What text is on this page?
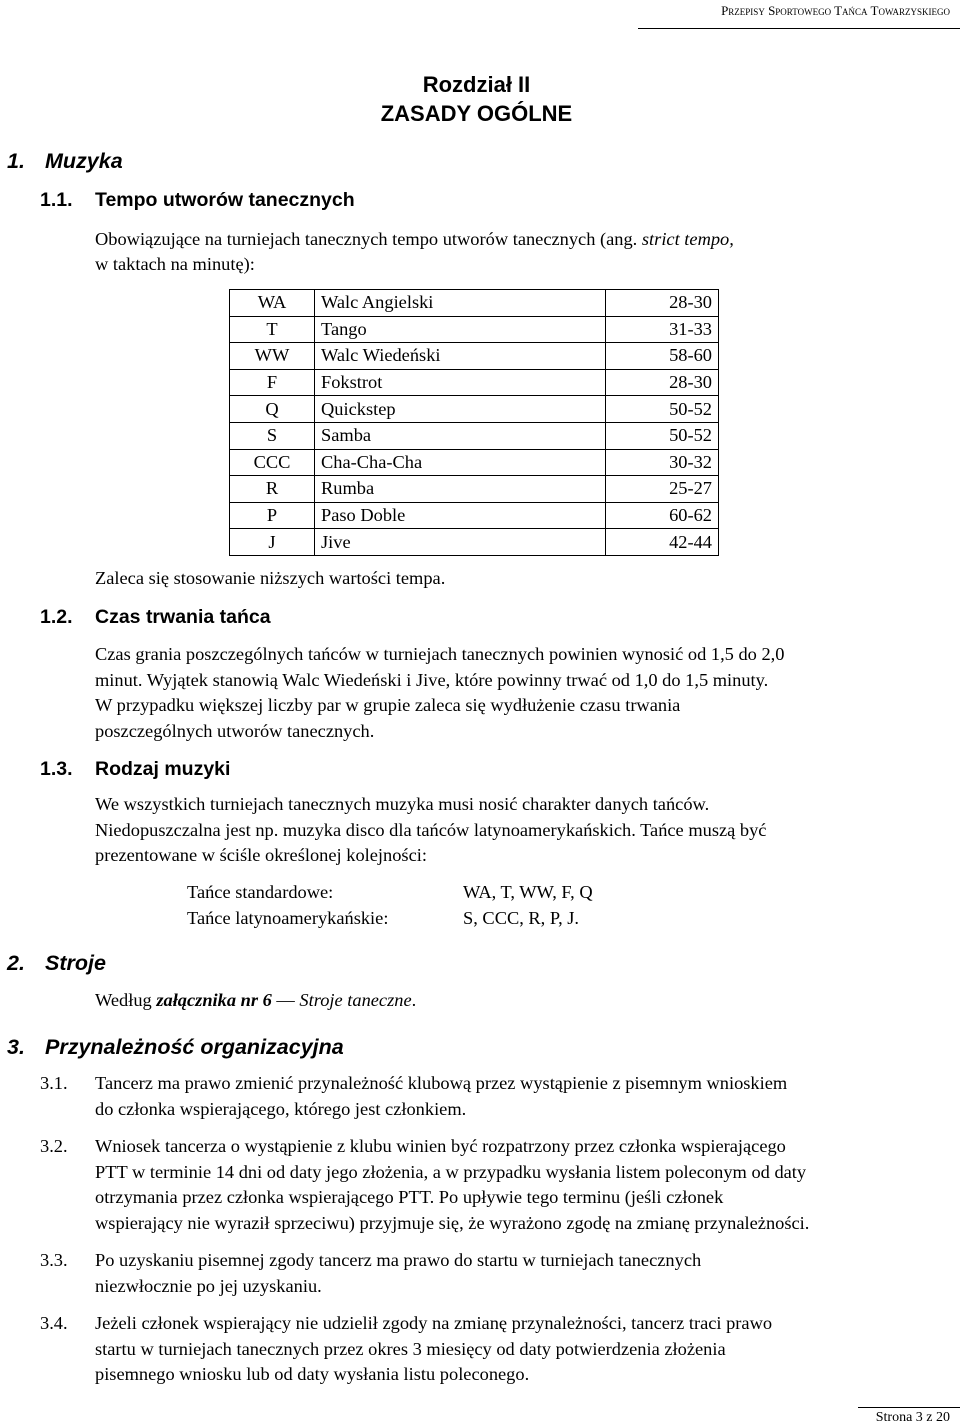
Przepisy Sportowego Tańca Towarzyskiego
Rozdział II
ZASADY OGÓLNE
1. Muzyka
1.1. Tempo utworów tanecznych
Obowiązujące na turniejach tanecznych tempo utworów tanecznych (ang. strict tempo,
w taktach na minutę):
WA	Walc Angielski	28-30
T	Tango	31-33
WW	Walc Wiedeński	58-60
F	Fokstrot	28-30
Q	Quickstep	50-52
S	Samba	50-52
CCC	Cha-Cha-Cha	30-32
R	Rumba	25-27
P	Paso Doble	60-62
J	Jive	42-44
Zaleca się stosowanie niższych wartości tempa.
1.2. Czas trwania tańca
Czas grania poszczególnych tańców w turniejach tanecznych powinien wynosić od 1,5 do 2,0
minut. Wyjątek stanowią Walc Wiedeński i Jive, które powinny trwać od 1,0 do 1,5 minuty.
W przypadku większej liczby par w grupie zaleca się wydłużenie czasu trwania
poszczególnych utworów tanecznych.
1.3. Rodzaj muzyki
We wszystkich turniejach tanecznych muzyka musi nosić charakter danych tańców.
Niedopuszczalna jest np. muzyka disco dla tańców latynoamerykańskich. Tańce muszą być
prezentowane w ściśle określonej kolejności:
Tańce standardowe:	WA, T, WW, F, Q
Tańce latynoamerykańskie:	S, CCC, R, P, J.
2. Stroje
Według załącznika nr 6 — Stroje taneczne.
3. Przynależność organizacyjna
3.1. Tancerz ma prawo zmienić przynależność klubową przez wystąpienie z pisemnym wnioskiem
do członka wspierającego, którego jest członkiem.
3.2. Wniosek tancerza o wystąpienie z klubu winien być rozpatrzony przez członka wspierającego
PTT w terminie 14 dni od daty jego złożenia, a w przypadku wysłania listem poleconym od daty
otrzymania przez członka wspierającego PTT. Po upływie tego terminu (jeśli członek
wspierający nie wyraził sprzeciwu) przyjmuje się, że wyrażono zgodę na zmianę przynależności.
3.3. Po uzyskaniu pisemnej zgody tancerz ma prawo do startu w turniejach tanecznych
niezwłocznie po jej uzyskaniu.
3.4. Jeżeli członek wspierający nie udzielił zgody na zmianę przynależności, tancerz traci prawo
startu w turniejach tanecznych przez okres 3 miesięcy od daty potwierdzenia złożenia
pisemnego wniosku lub od daty wysłania listu poleconego.
Strona 3 z 20
